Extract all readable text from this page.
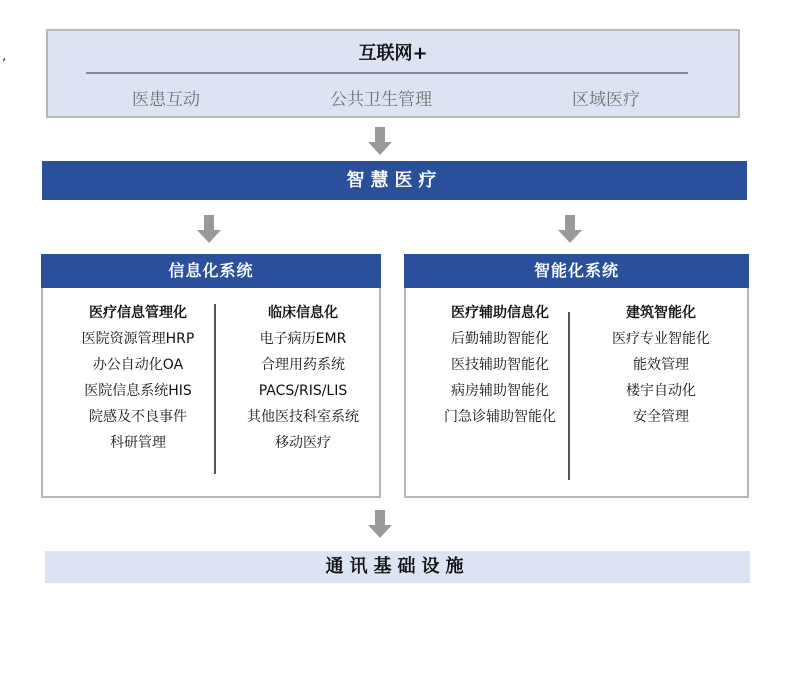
,	互联网+
医患互动	公共卫生管理	区域医疗
智慧医疗
信息化系统
医疗信息管理化
医院资源管理HRP
办公自动化OA
医院信息系统HIS
院感及不良事件
科研管理
临床信息化
电子病历EMR
合理用药系统
PACS/RIS/LIS
其他医技科室系统
移动医疗
智能化系统
医疗辅助信息化
后勤辅助智能化
医技辅助智能化
病房辅助智能化
门急诊辅助智能化
建筑智能化
医疗专业智能化
能效管理
楼宇自动化
安全管理
通讯基础设施
